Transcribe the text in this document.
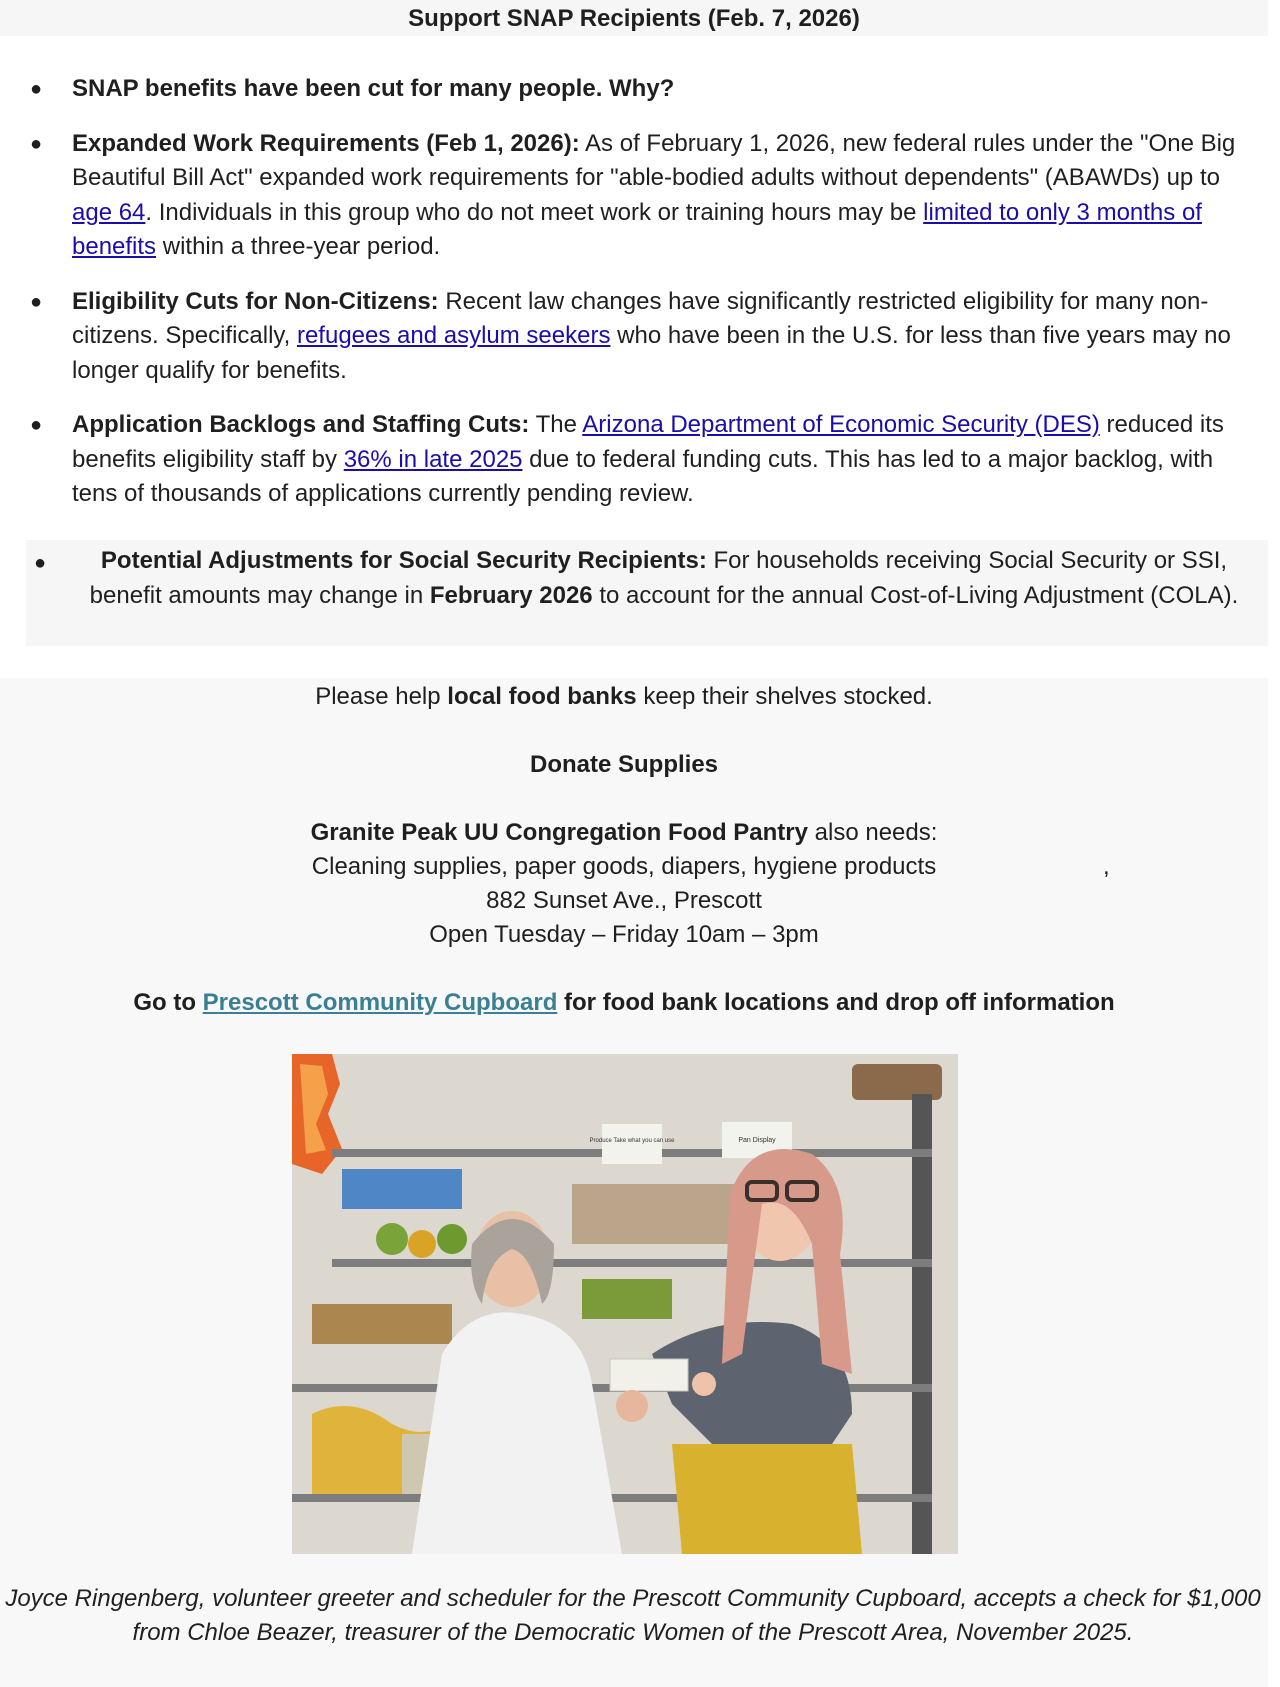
Support SNAP Recipients (Feb. 7, 2026)
● SNAP benefits have been cut for many people. Why?
● Expanded Work Requirements (Feb 1, 2026): As of February 1, 2026, new federal rules under the "One Big Beautiful Bill Act" expanded work requirements for "able-bodied adults without dependents" (ABAWDs) up to age 64. Individuals in this group who do not meet work or training hours may be limited to only 3 months of benefits within a three-year period.
● Eligibility Cuts for Non-Citizens: Recent law changes have significantly restricted eligibility for many non-citizens. Specifically, refugees and asylum seekers who have been in the U.S. for less than five years may no longer qualify for benefits.
● Application Backlogs and Staffing Cuts: The Arizona Department of Economic Security (DES) reduced its benefits eligibility staff by 36% in late 2025 due to federal funding cuts. This has led to a major backlog, with tens of thousands of applications currently pending review.
●	Potential Adjustments for Social Security Recipients: For households receiving Social Security or SSI, benefit amounts may change in February 2026 to account for the annual Cost-of-Living Adjustment (COLA).
Please help local food banks keep their shelves stocked.
Donate Supplies
Granite Peak UU Congregation Food Pantry also needs:
Cleaning supplies, paper goods, diapers, hygiene products	,
882 Sunset Ave., Prescott
Open Tuesday – Friday 10am – 3pm
Go to Prescott Community Cupboard for food bank locations and drop off information
Produce Take what you can use	Pan Display
Joyce Ringenberg, volunteer greeter and scheduler for the Prescott Community Cupboard, accepts a check for $1,000 from Chloe Beazer, treasurer of the Democratic Women of the Prescott Area, November 2025.
